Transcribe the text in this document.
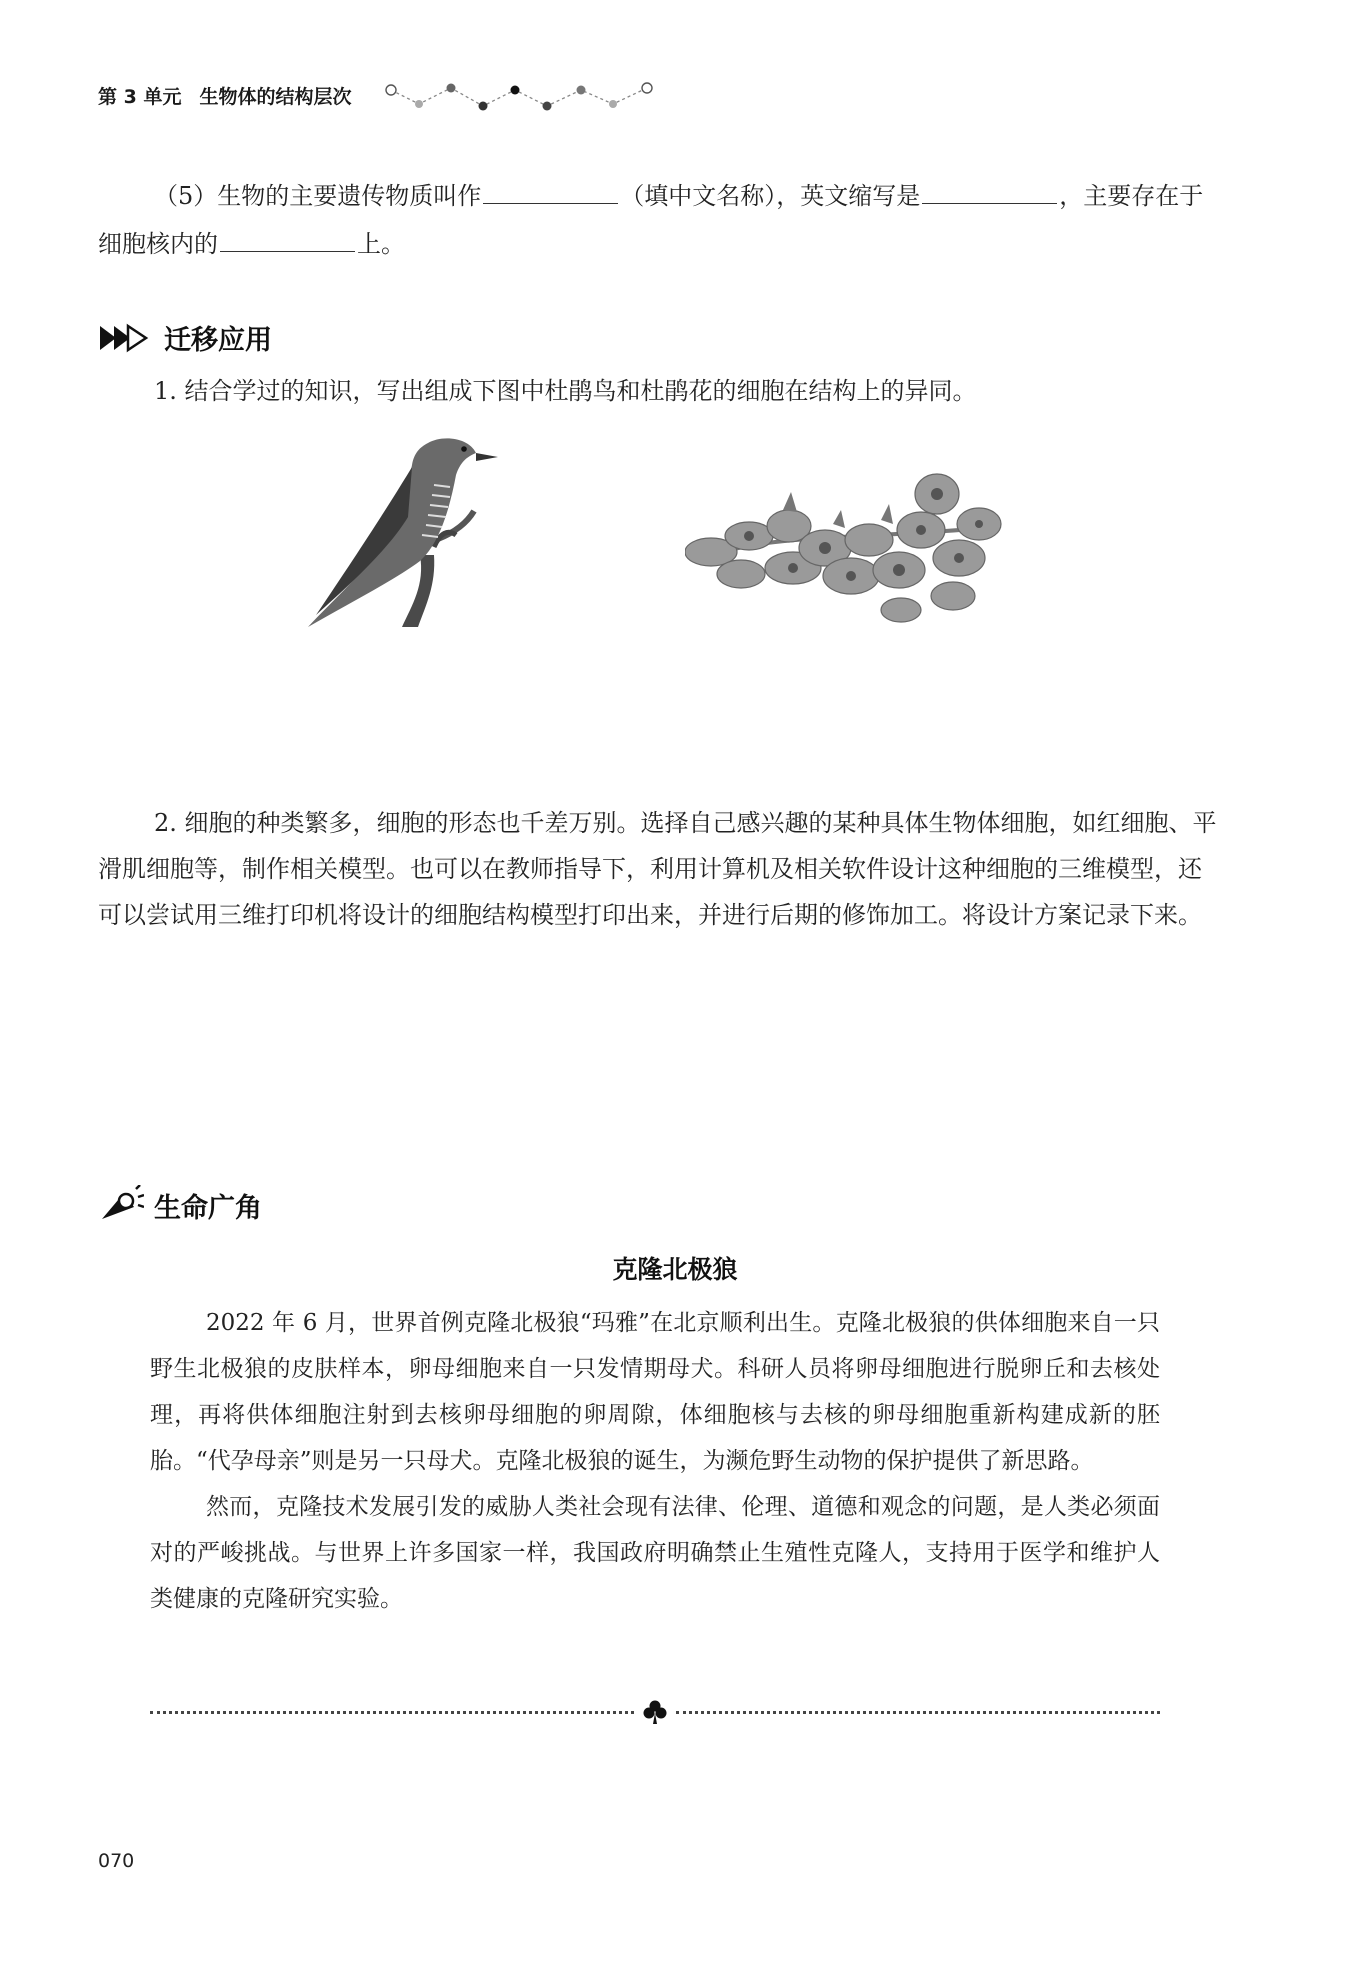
第 3 单元 生物体的结构层次
（5）生物的主要遗传物质叫作	（填中文名称），英文缩写是	，主要存在于细胞核内的	上。
迁移应用
1. 结合学过的知识，写出组成下图中杜鹃鸟和杜鹃花的细胞在结构上的异同。
2. 细胞的种类繁多，细胞的形态也千差万别。选择自己感兴趣的某种具体生物体细胞，如红细胞、平滑肌细胞等，制作相关模型。也可以在教师指导下，利用计算机及相关软件设计这种细胞的三维模型，还可以尝试用三维打印机将设计的细胞结构模型打印出来，并进行后期的修饰加工。将设计方案记录下来。
生命广角
克隆北极狼

2022 年 6 月，世界首例克隆北极狼“玛雅”在北京顺利出生。克隆北极狼的供体细胞来自一只野生北极狼的皮肤样本，卵母细胞来自一只发情期母犬。科研人员将卵母细胞进行脱卵丘和去核处理，再将供体细胞注射到去核卵母细胞的卵周隙，体细胞核与去核的卵母细胞重新构建成新的胚胎。“代孕母亲”则是另一只母犬。克隆北极狼的诞生，为濒危野生动物的保护提供了新思路。

然而，克隆技术发展引发的威胁人类社会现有法律、伦理、道德和观念的问题，是人类必须面对的严峻挑战。与世界上许多国家一样，我国政府明确禁止生殖性克隆人，支持用于医学和维护人类健康的克隆研究实验。

070
